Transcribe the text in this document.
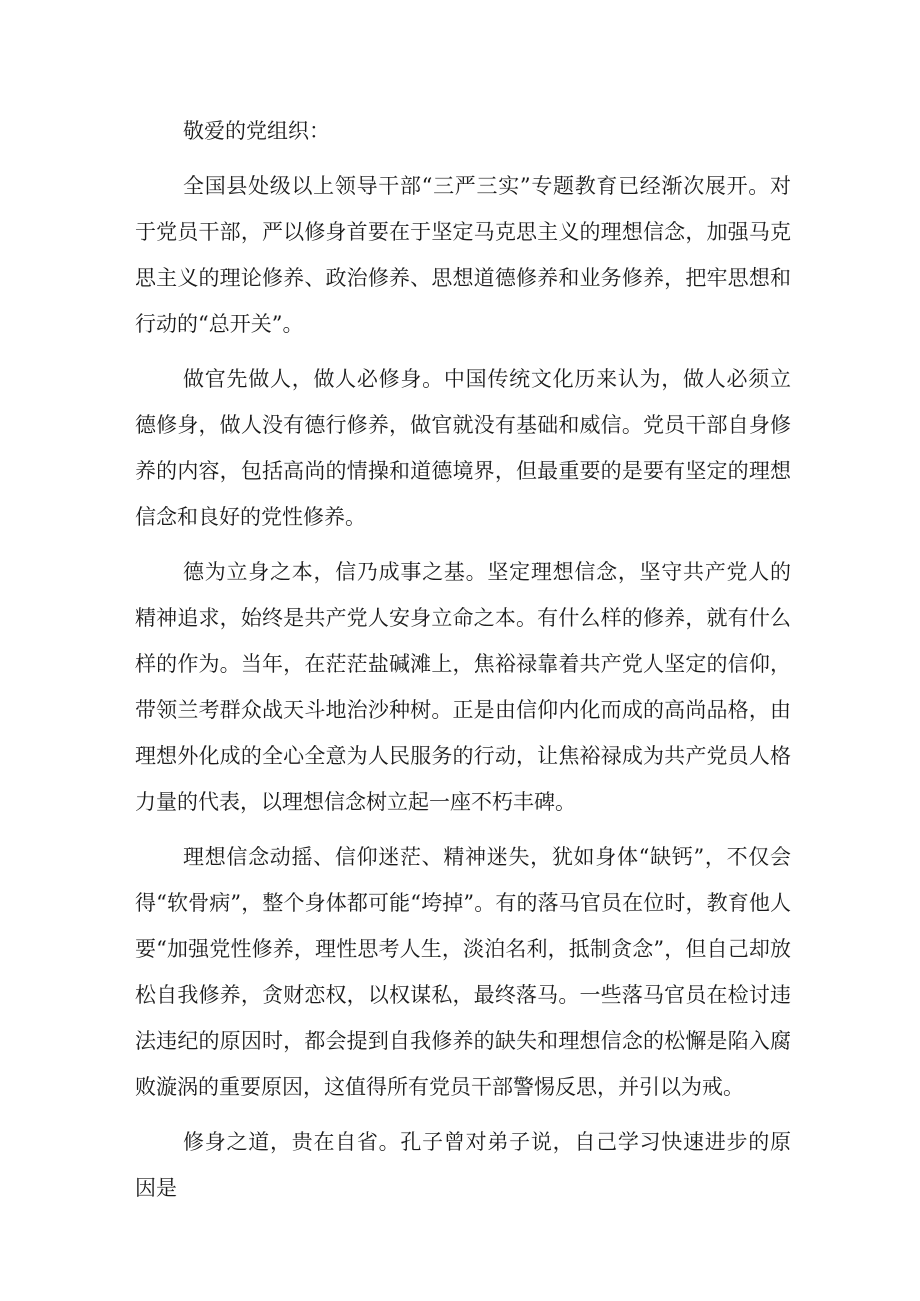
敬爱的党组织：

全国县处级以上领导干部“三严三实”专题教育已经渐次展开。对于党员干部，严以修身首要在于坚定马克思主义的理想信念，加强马克思主义的理论修养、政治修养、思想道德修养和业务修养，把牢思想和行动的“总开关”。

做官先做人，做人必修身。中国传统文化历来认为，做人必须立德修身，做人没有德行修养，做官就没有基础和威信。党员干部自身修养的内容，包括高尚的情操和道德境界，但最重要的是要有坚定的理想信念和良好的党性修养。

德为立身之本，信乃成事之基。坚定理想信念，坚守共产党人的精神追求，始终是共产党人安身立命之本。有什么样的修养，就有什么样的作为。当年，在茫茫盐碱滩上，焦裕禄靠着共产党人坚定的信仰，带领兰考群众战天斗地治沙种树。正是由信仰内化而成的高尚品格，由理想外化成的全心全意为人民服务的行动，让焦裕禄成为共产党员人格力量的代表，以理想信念树立起一座不朽丰碑。

理想信念动摇、信仰迷茫、精神迷失，犹如身体“缺钙”，不仅会得“软骨病”，整个身体都可能“垮掉”。有的落马官员在位时，教育他人要“加强党性修养，理性思考人生，淡泊名利，抵制贪念”，但自己却放松自我修养，贪财恋权，以权谋私，最终落马。一些落马官员在检讨违法违纪的原因时，都会提到自我修养的缺失和理想信念的松懈是陷入腐败漩涡的重要原因，这值得所有党员干部警惕反思，并引以为戒。

修身之道，贵在自省。孔子曾对弟子说，自己学习快速进步的原因是
